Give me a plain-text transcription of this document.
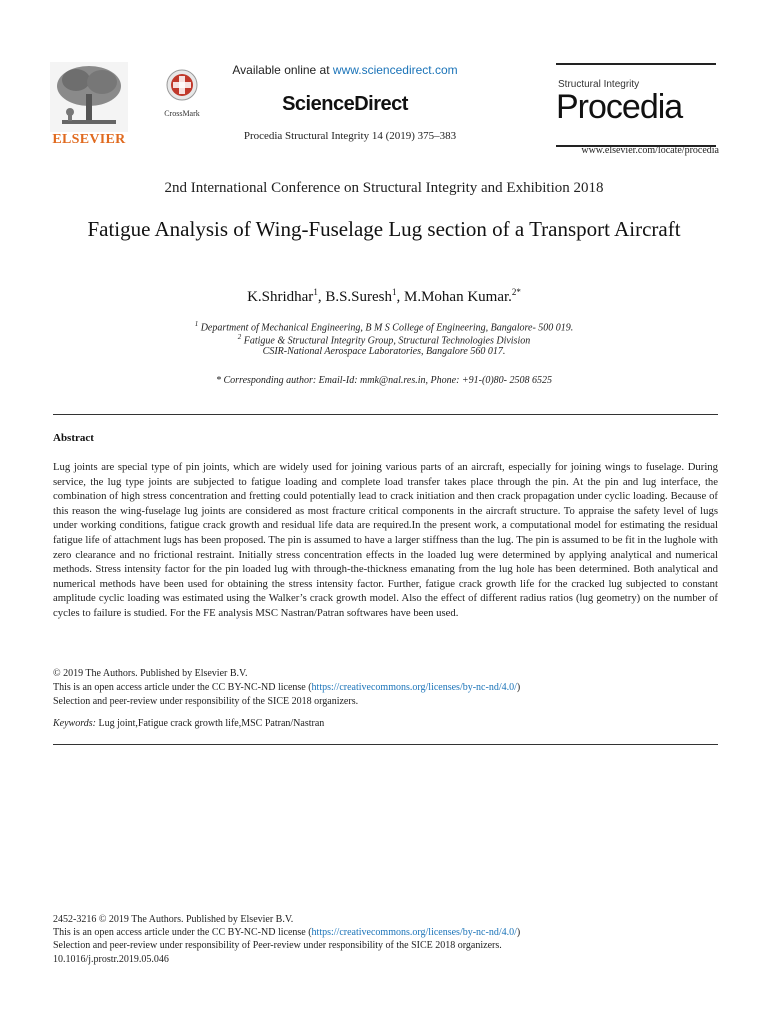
ELSEVIER
CrossMark
Available online at www.sciencedirect.com
ScienceDirect
Procedia Structural Integrity 14 (2019) 375–383
Structural Integrity
Procedia
www.elsevier.com/locate/procedia
2nd International Conference on Structural Integrity and Exhibition 2018
Fatigue Analysis of Wing-Fuselage Lug section of a Transport Aircraft
K.Shridhar$^1$, B.S.Suresh$^1$, M.Mohan Kumar.$^{2*}$
$^1$ Department of Mechanical Engineering, B M S College of Engineering, Bangalore- 500 019.
$^2$ Fatigue & Structural Integrity Group, Structural Technologies Division
CSIR-National Aerospace Laboratories, Bangalore 560 017.
* Corresponding author: Email-Id: mmk@nal.res.in, Phone: +91-(0)80- 2508 6525
Abstract
Lug joints are special type of pin joints, which are widely used for joining various parts of an aircraft, especially for joining wings to fuselage. During service, the lug type joints are subjected to fatigue loading and complete load transfer takes place through the pin. At the pin and lug interface, the combination of high stress concentration and fretting could potentially lead to crack initiation and then crack propagation under cyclic loading. Because of this reason the wing-fuselage lug joints are considered as most fracture critical components in the aircraft structure. To appraise the safety level of lugs under working conditions, fatigue crack growth and residual life data are required.In the present work, a computational model for estimating the residual fatigue life of attachment lugs has been proposed. The pin is assumed to have a larger stiffness than the lug. The pin is assumed to be fit in the lughole with zero clearance and no frictional restraint. Initially stress concentration effects in the loaded lug were determined by applying analytical and numerical methods. Stress intensity factor for the pin loaded lug with through-the-thickness emanating from the lug hole has been determined. Both analytical and numerical methods have been used for obtaining the stress intensity factor. Further, fatigue crack growth life for the cracked lug subjected to constant amplitude cyclic loading was estimated using the Walker’s crack growth model. Also the effect of different radius ratios (lug geometry) on the number of cycles to failure is studied. For the FE analysis MSC Nastran/Patran softwares have been used.
© 2019 The Authors. Published by Elsevier B.V.
This is an open access article under the CC BY-NC-ND license (https://creativecommons.org/licenses/by-nc-nd/4.0/)
Selection and peer-review under responsibility of the SICE 2018 organizers.
Keywords: Lug joint,Fatigue crack growth life,MSC Patran/Nastran
2452-3216 © 2019 The Authors. Published by Elsevier B.V.
This is an open access article under the CC BY-NC-ND license (https://creativecommons.org/licenses/by-nc-nd/4.0/)
Selection and peer-review under responsibility of Peer-review under responsibility of the SICE 2018 organizers.
10.1016/j.prostr.2019.05.046
